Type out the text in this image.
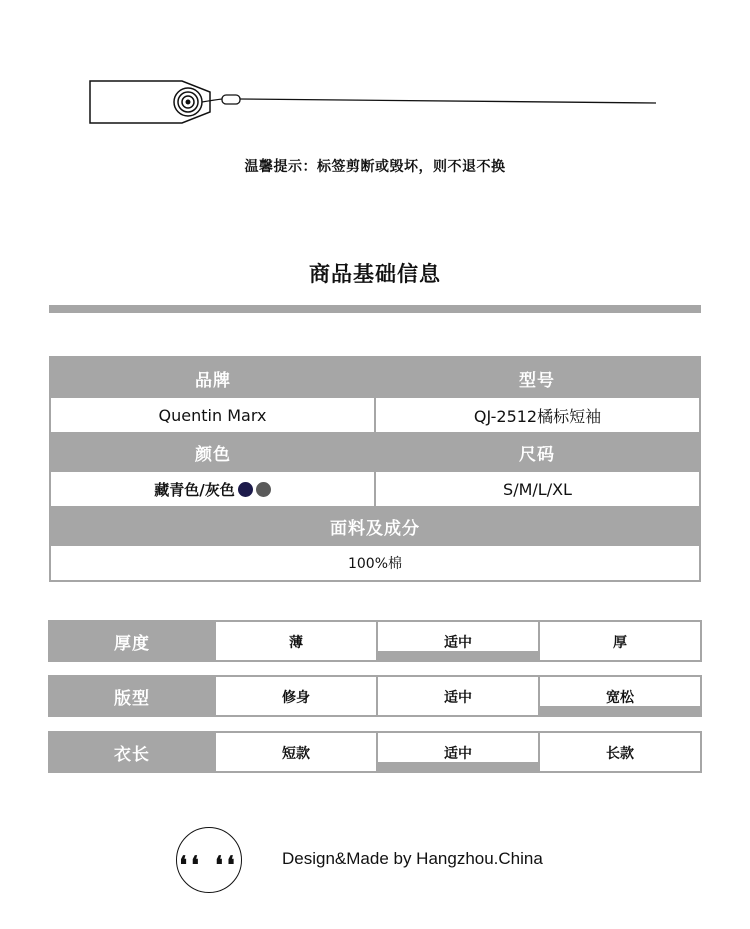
温馨提示：标签剪断或毁坏，则不退不换
商品基础信息
品牌	型号
Quentin Marx	QJ-2512橘标短袖
颜色	尺码
藏青色/灰色	S/M/L/XL
面料及成分
100%棉
厚度	薄	适中	厚
版型	修身	适中	宽松
衣长	短款	适中	长款
❛❛ ❛❛	Design&Made by Hangzhou.China
